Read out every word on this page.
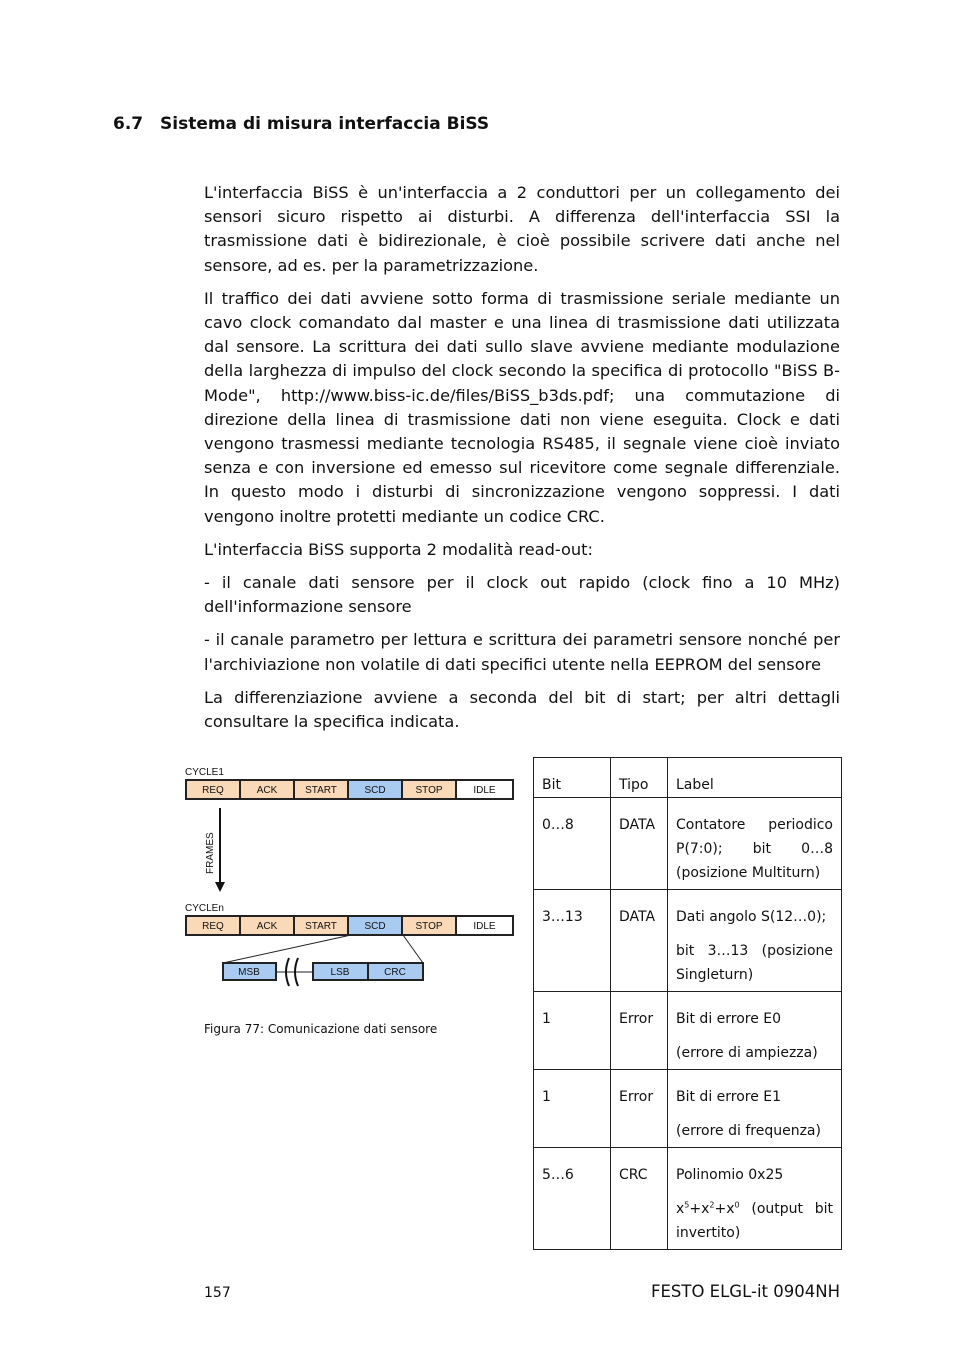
6.7 Sistema di misura interfaccia BiSS

L'interfaccia BiSS è un'interfaccia a 2 conduttori per un collegamento dei sensori sicuro rispetto ai disturbi. A differenza dell'interfaccia SSI la trasmissione dati è bidirezionale, è cioè possibile scrivere dati anche nel sensore, ad es. per la parametrizzazione.

Il traffico dei dati avviene sotto forma di trasmissione seriale mediante un cavo clock comandato dal master e una linea di trasmissione dati utilizzata dal sensore. La scrittura dei dati sullo slave avviene mediante modulazione della larghezza di impulso del clock secondo la specifica di protocollo "BiSS B-Mode", http://www.biss-ic.de/files/BiSS_b3ds.pdf; una commutazione di direzione della linea di trasmissione dati non viene eseguita. Clock e dati vengono trasmessi mediante tecnologia RS485, il segnale viene cioè inviato senza e con inversione ed emesso sul ricevitore come segnale differenziale. In questo modo i disturbi di sincronizzazione vengono soppressi. I dati vengono inoltre protetti mediante un codice CRC.

L'interfaccia BiSS supporta 2 modalità read-out:

- il canale dati sensore per il clock out rapido (clock fino a 10 MHz) dell'informazione sensore

- il canale parametro per lettura e scrittura dei parametri sensore nonché per l'archiviazione non volatile di dati specifici utente nella EEPROM del sensore

La differenziazione avviene a seconda del bit di start; per altri dettagli consultare la specifica indicata.

CYCLE1
REQ	ACK	START	SCD	STOP	IDLE
FRAMES
CYCLEn
REQ	ACK	START	SCD	STOP	IDLE
MSB	LSB	CRC
Figura 77: Comunicazione dati sensore
Bit	Tipo	Label
0…8	DATA	Contatore periodico P(7:0); bit 0…8 (posizione Multiturn)

3…13	DATA	Dati angolo S(12…0);

bit 3…13 (posizione Singleturn)

1	Error	Bit di errore E0

(errore di ampiezza)

1	Error	Bit di errore E1

(errore di frequenza)

5…6	CRC	Polinomio 0x25

$x^5+x^2+x^0$ (output bit invertito)

157	FESTO ELGL-it 0904NH
